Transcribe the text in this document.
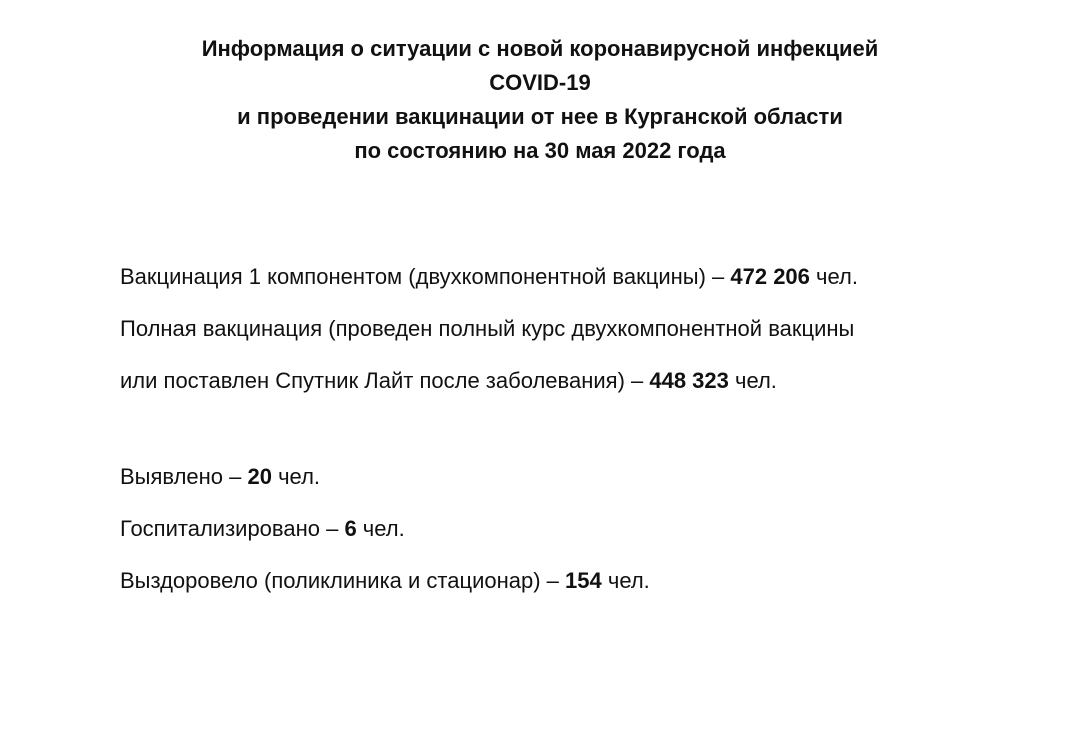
Информация о ситуации с новой коронавирусной инфекцией
COVID-19
и проведении вакцинации от нее в Курганской области
по состоянию на 30 мая 2022 года
Вакцинация 1 компонентом (двухкомпонентной вакцины) – 472 206 чел.
Полная вакцинация (проведен полный курс двухкомпонентной вакцины
или поставлен Спутник Лайт после заболевания) – 448 323 чел.
Выявлено – 20 чел.
Госпитализировано – 6 чел.
Выздоровело (поликлиника и стационар) – 154 чел.
